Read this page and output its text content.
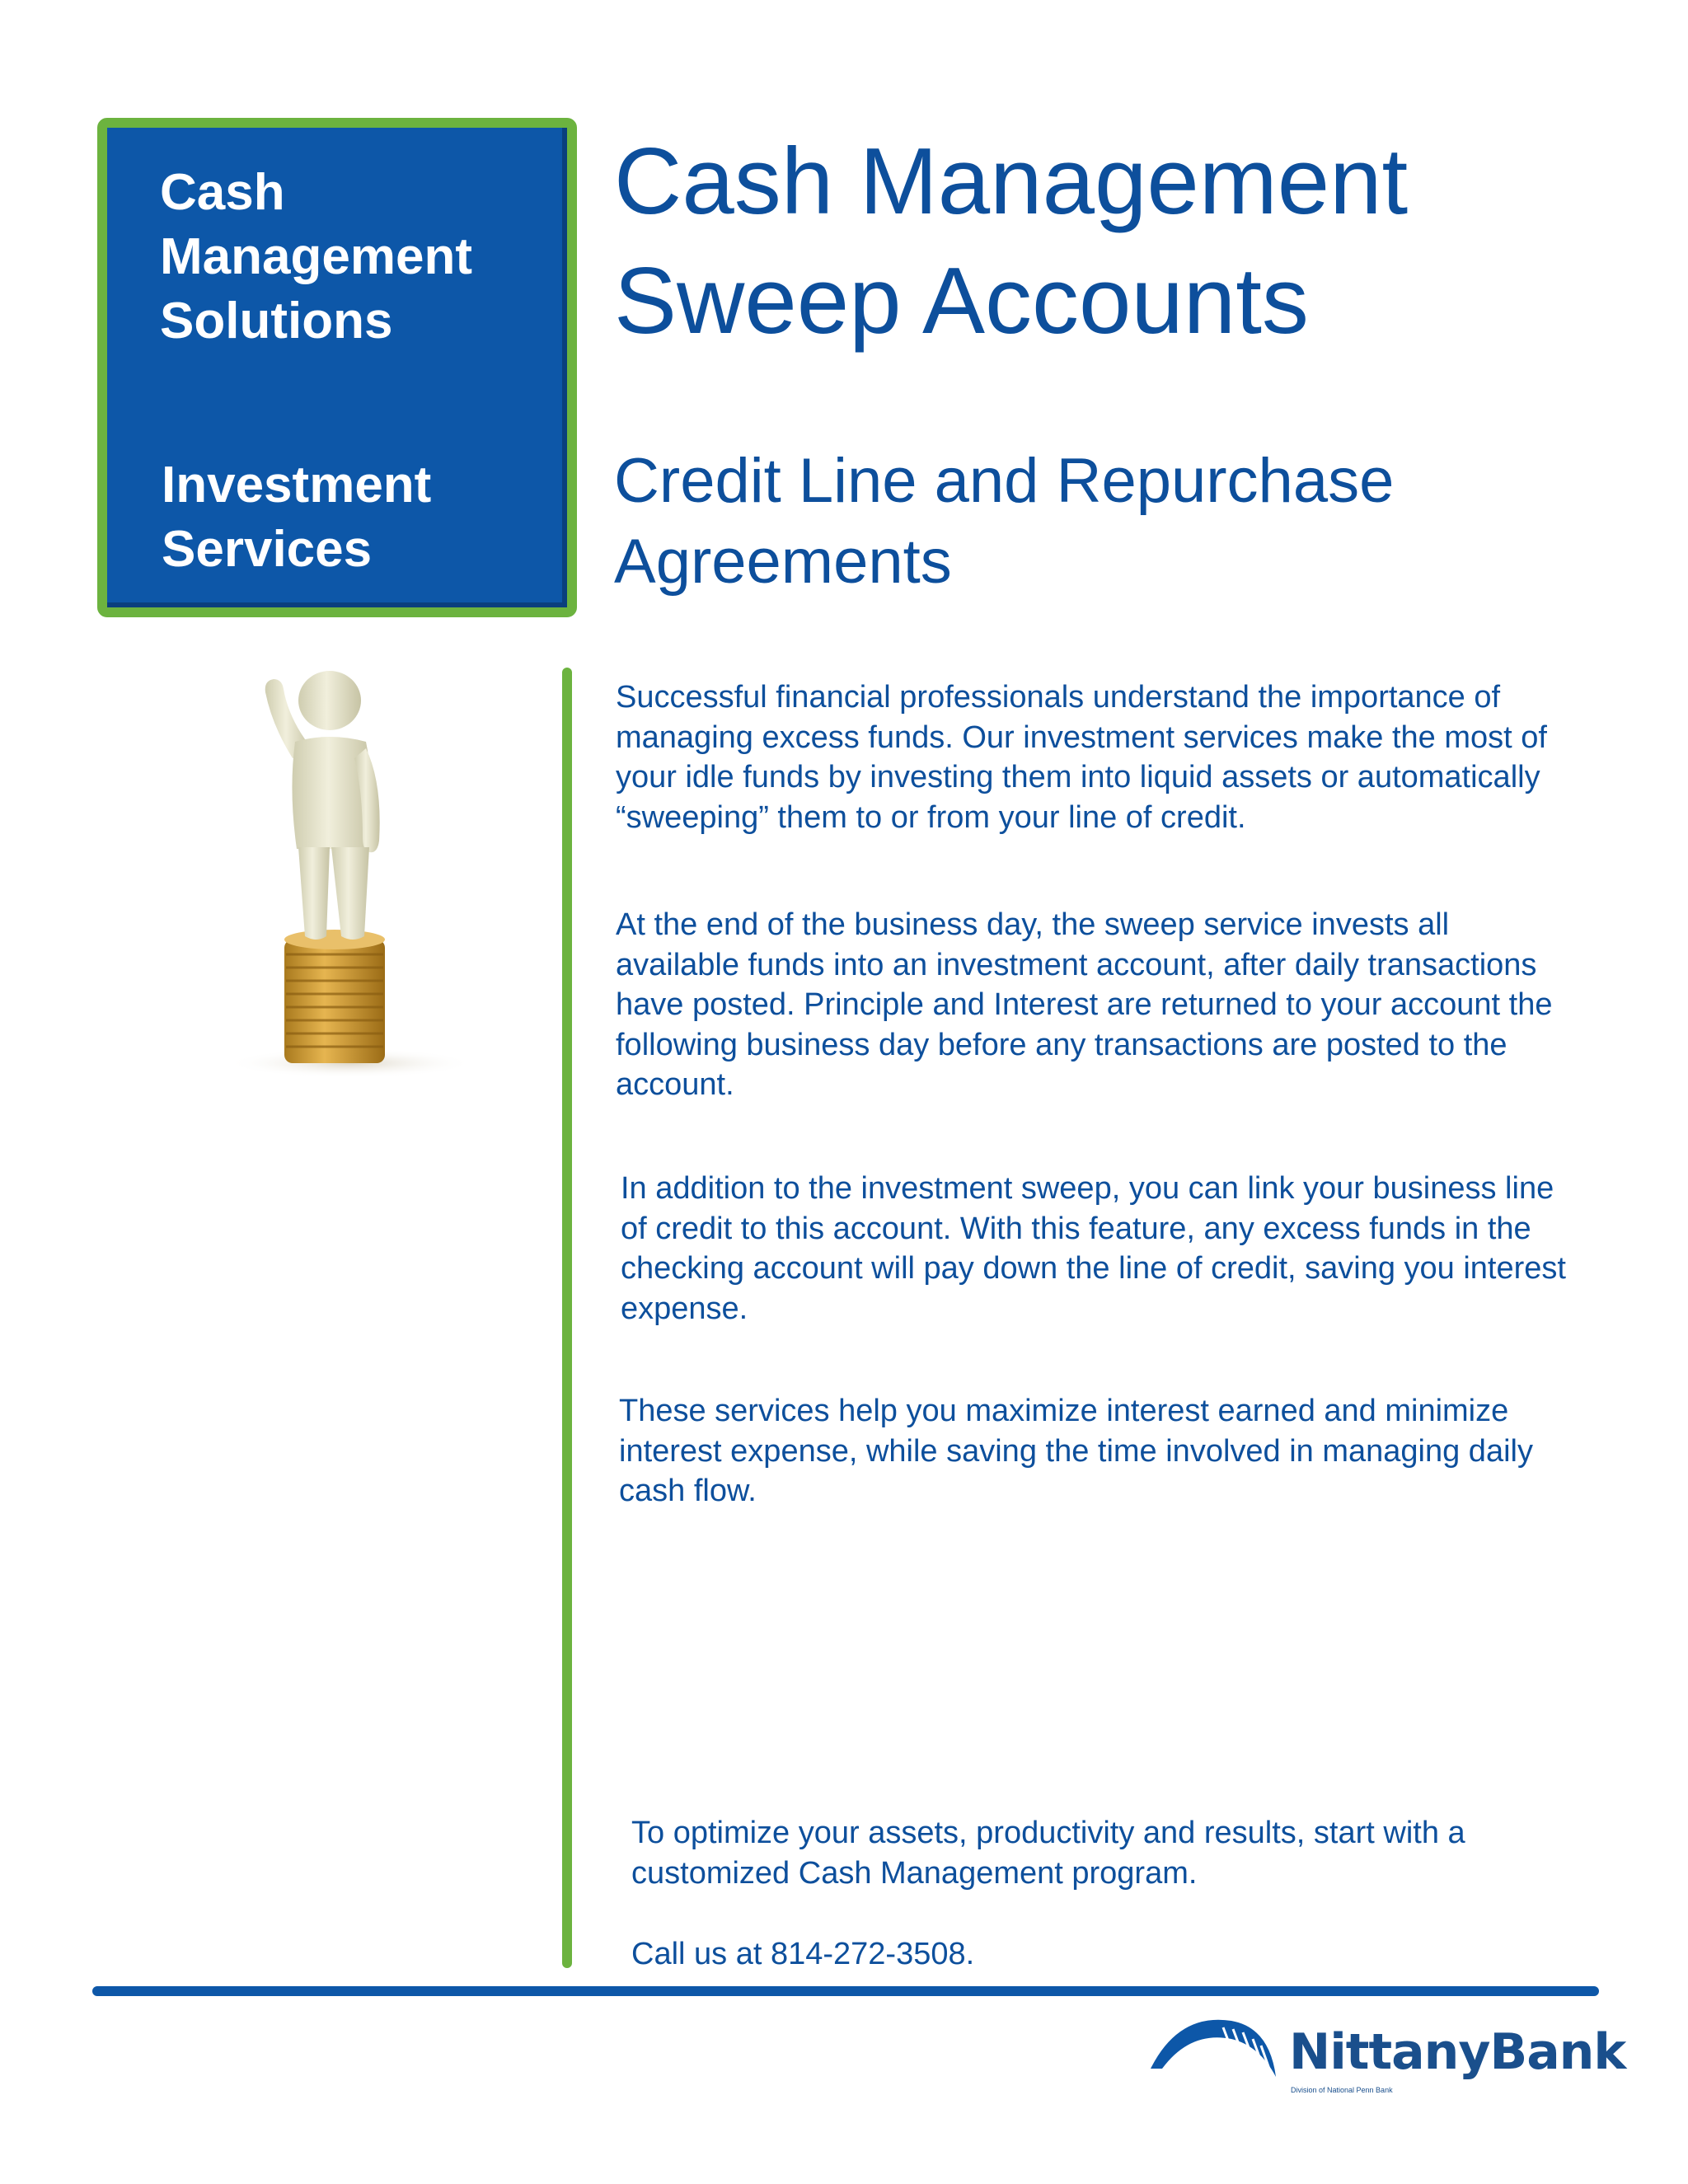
Cash Management Solutions
Investment Services
Cash Management Sweep Accounts
Credit Line and Repurchase Agreements

Successful financial professionals understand the importance of managing excess funds. Our investment services make the most of your idle funds by investing them into liquid assets or automatically “sweeping” them to or from your line of credit.

At the end of the business day, the sweep service invests all available funds into an investment account, after daily transactions have posted. Principle and Interest are returned to your account the following business day before any transactions are posted to the account.

In addition to the investment sweep, you can link your business line of credit to this account. With this feature, any excess funds in the checking account will pay down the line of credit, saving you interest expense.

These services help you maximize interest earned and minimize interest expense, while saving the time involved in managing daily cash flow.

To optimize your assets, productivity and results, start with a customized Cash Management program.

Call us at 814-272-3508.

NittanyBank

Division of National Penn Bank
